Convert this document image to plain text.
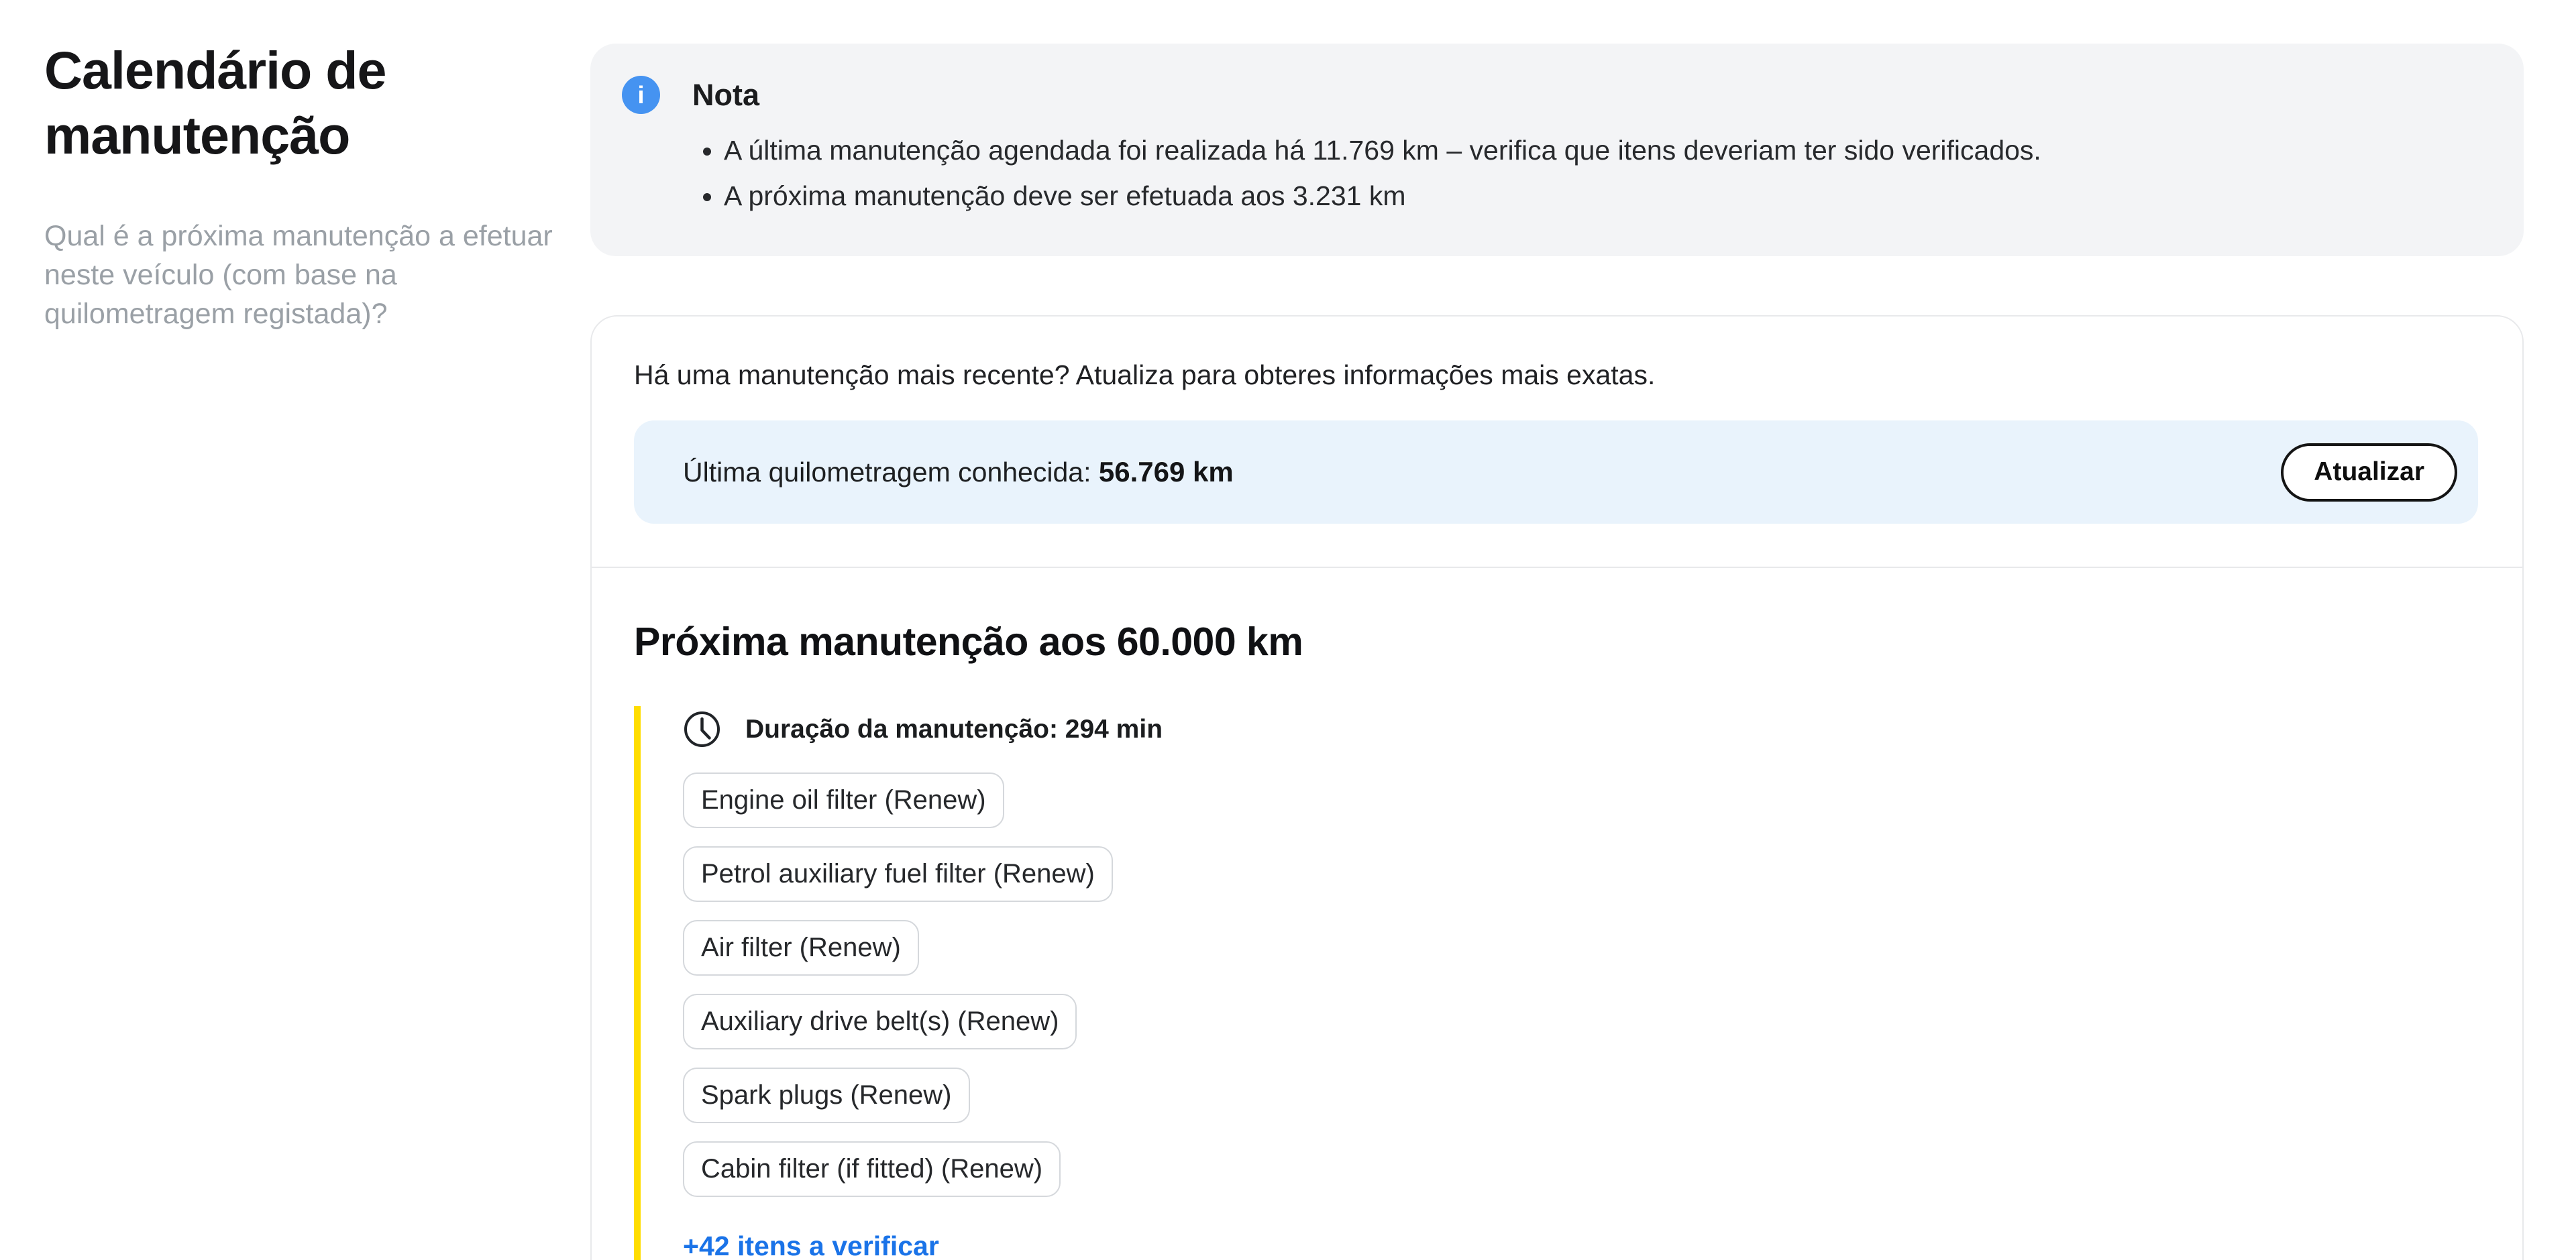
Calendário de manutenção
Qual é a próxima manutenção a efetuar neste veículo (com base na quilometragem registada)?
i	Nota
• A última manutenção agendada foi realizada há 11.769 km – verifica que itens deveriam ter sido verificados.
• A próxima manutenção deve ser efetuada aos 3.231 km
Há uma manutenção mais recente? Atualiza para obteres informações mais exatas.
Última quilometragem conhecida: 56.769 km	Atualizar
Próxima manutenção aos 60.000 km
Duração da manutenção: 294 min
Engine oil filter (Renew)
Petrol auxiliary fuel filter (Renew)
Air filter (Renew)
Auxiliary drive belt(s) (Renew)
Spark plugs (Renew)
Cabin filter (if fitted) (Renew)
+42 itens a verificar
